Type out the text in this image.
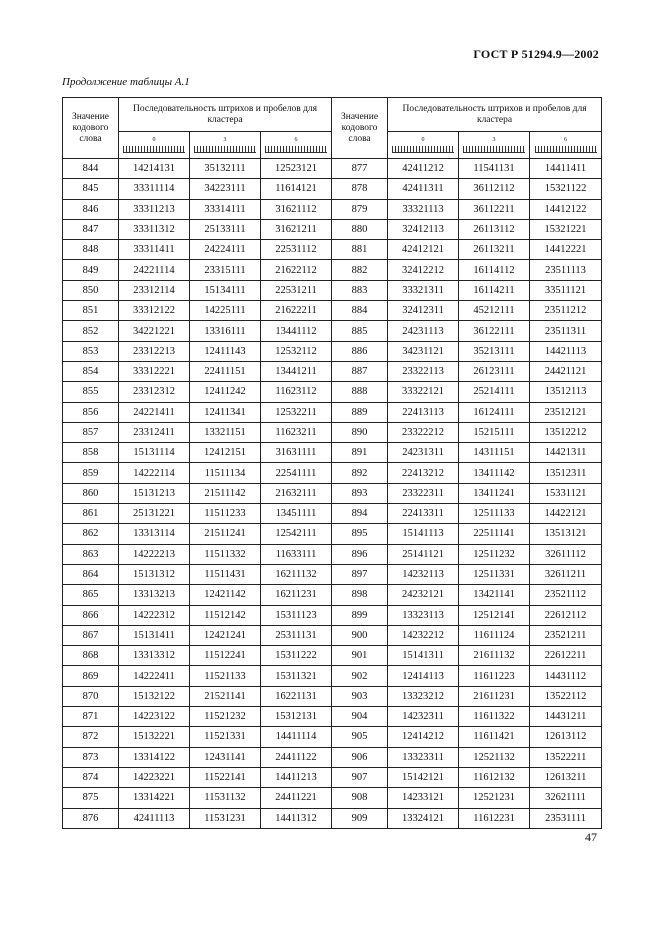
ГОСТ Р 51294.9—2002
Продолжение таблицы А.1
Значение кодового слова	Последовательность штрихов и пробелов для кластера			Значение кодового слова	Последовательность штрихов и пробелов для кластера		

	0	3	6		0	3	6

844	14214131	35132111	12523121	877	42411212	11541131	14411411
845	33311114	34223111	11614121	878	42411311	36112112	15321122
846	33311213	33314111	31621112	879	33321113	36112211	14412122
847	33311312	25133111	31621211	880	32412113	26113112	15321221
848	33311411	24224111	22531112	881	42412121	26113211	14412221
849	24221114	23315111	21622112	882	32412212	16114112	23511113
850	23312114	15134111	22531211	883	33321311	16114211	33511121
851	33312122	14225111	21622211	884	32412311	45212111	23511212
852	34221221	13316111	13441112	885	24231113	36122111	23511311
853	23312213	12411143	12532112	886	34231121	35213111	14421113
854	33312221	22411151	13441211	887	23322113	26123111	24421121
855	23312312	12411242	11623112	888	33322121	25214111	13512113
856	24221411	12411341	12532211	889	22413113	16124111	23512121
857	23312411	13321151	11623211	890	23322212	15215111	13512212
858	15131114	12412151	31631111	891	24231311	14311151	14421311
859	14222114	11511134	22541111	892	22413212	13411142	13512311
860	15131213	21511142	21632111	893	23322311	13411241	15331121
861	25131221	11511233	13451111	894	22413311	12511133	14422121
862	13313114	21511241	12542111	895	15141113	22511141	13513121
863	14222213	11511332	11633111	896	25141121	12511232	32611112
864	15131312	11511431	16211132	897	14232113	12511331	32611211
865	13313213	12421142	16211231	898	24232121	13421141	23521112
866	14222312	11512142	15311123	899	13323113	12512141	22612112
867	15131411	12421241	25311131	900	14232212	11611124	23521211
868	13313312	11512241	15311222	901	15141311	21611132	22612211
869	14222411	11521133	15311321	902	12414113	11611223	14431112
870	15132122	21521141	16221131	903	13323212	21611231	13522112
871	14223122	11521232	15312131	904	14232311	11611322	14431211
872	15132221	11521331	14411114	905	12414212	11611421	12613112
873	13314122	12431141	24411122	906	13323311	12521132	13522211
874	14223221	11522141	14411213	907	15142121	11612132	12613211
875	13314221	11531132	24411221	908	14233121	12521231	32621111
876	42411113	11531231	14411312	909	13324121	11612231	23531111
47
